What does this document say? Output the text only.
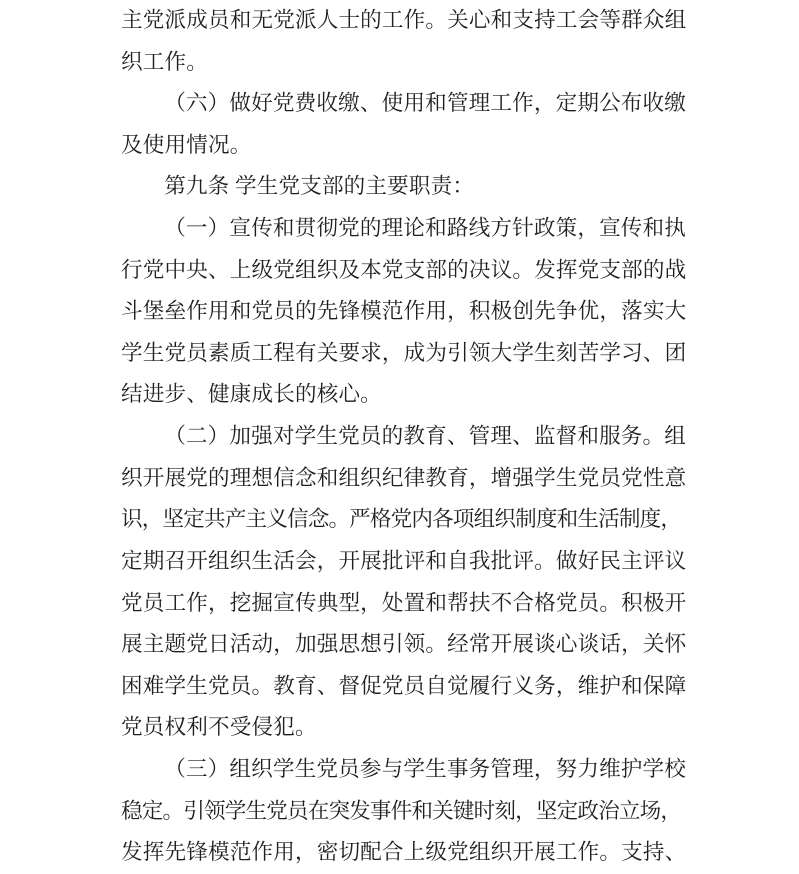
主党派成员和无党派人士的工作。关心和支持工会等群众组
织工作。
（六）做好党费收缴、使用和管理工作，定期公布收缴
及使用情况。
第九条 学生党支部的主要职责：
（一）宣传和贯彻党的理论和路线方针政策，宣传和执
行党中央、上级党组织及本党支部的决议。发挥党支部的战
斗堡垒作用和党员的先锋模范作用，积极创先争优，落实大
学生党员素质工程有关要求，成为引领大学生刻苦学习、团
结进步、健康成长的核心。
（二）加强对学生党员的教育、管理、监督和服务。组
织开展党的理想信念和组织纪律教育，增强学生党员党性意
识，坚定共产主义信念。严格党内各项组织制度和生活制度，
定期召开组织生活会，开展批评和自我批评。做好民主评议
党员工作，挖掘宣传典型，处置和帮扶不合格党员。积极开
展主题党日活动，加强思想引领。经常开展谈心谈话，关怀
困难学生党员。教育、督促党员自觉履行义务，维护和保障
党员权利不受侵犯。
（三）组织学生党员参与学生事务管理，努力维护学校
稳定。引领学生党员在突发事件和关键时刻，坚定政治立场，
发挥先锋模范作用，密切配合上级党组织开展工作。支持、
